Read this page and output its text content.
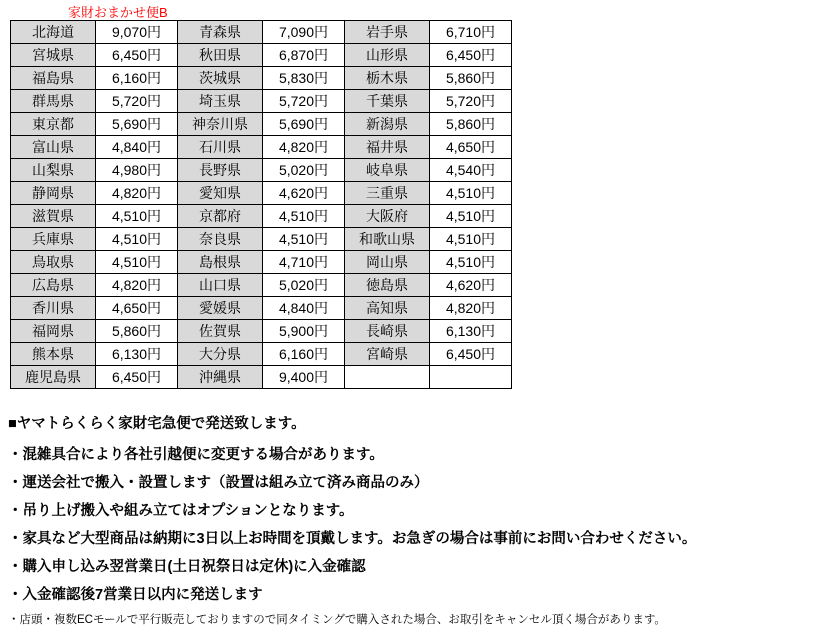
家財おまかせ便B
北海道	9,070円	青森県	7,090円	岩手県	6,710円
宮城県	6,450円	秋田県	6,870円	山形県	6,450円
福島県	6,160円	茨城県	5,830円	栃木県	5,860円
群馬県	5,720円	埼玉県	5,720円	千葉県	5,720円
東京都	5,690円	神奈川県	5,690円	新潟県	5,860円
富山県	4,840円	石川県	4,820円	福井県	4,650円
山梨県	4,980円	長野県	5,020円	岐阜県	4,540円
静岡県	4,820円	愛知県	4,620円	三重県	4,510円
滋賀県	4,510円	京都府	4,510円	大阪府	4,510円
兵庫県	4,510円	奈良県	4,510円	和歌山県	4,510円
鳥取県	4,510円	島根県	4,710円	岡山県	4,510円
広島県	4,820円	山口県	5,020円	徳島県	4,620円
香川県	4,650円	愛媛県	4,840円	高知県	4,820円
福岡県	5,860円	佐賀県	5,900円	長崎県	6,130円
熊本県	6,130円	大分県	6,160円	宮崎県	6,450円
鹿児島県	6,450円	沖縄県	9,400円		

■ヤマトらくらく家財宅急便で発送致します。

・混雑具合により各社引越便に変更する場合があります。

・運送会社で搬入・設置します（設置は組み立て済み商品のみ）

・吊り上げ搬入や組み立てはオプションとなります。

・家具など大型商品は納期に3日以上お時間を頂戴します。お急ぎの場合は事前にお問い合わせください。

・購入申し込み翌営業日(土日祝祭日は定休)に入金確認

・入金確認後7営業日以内に発送します

・店頭・複数ECモールで平行販売しておりますので同タイミングで購入された場合、お取引をキャンセル頂く場合があります。
